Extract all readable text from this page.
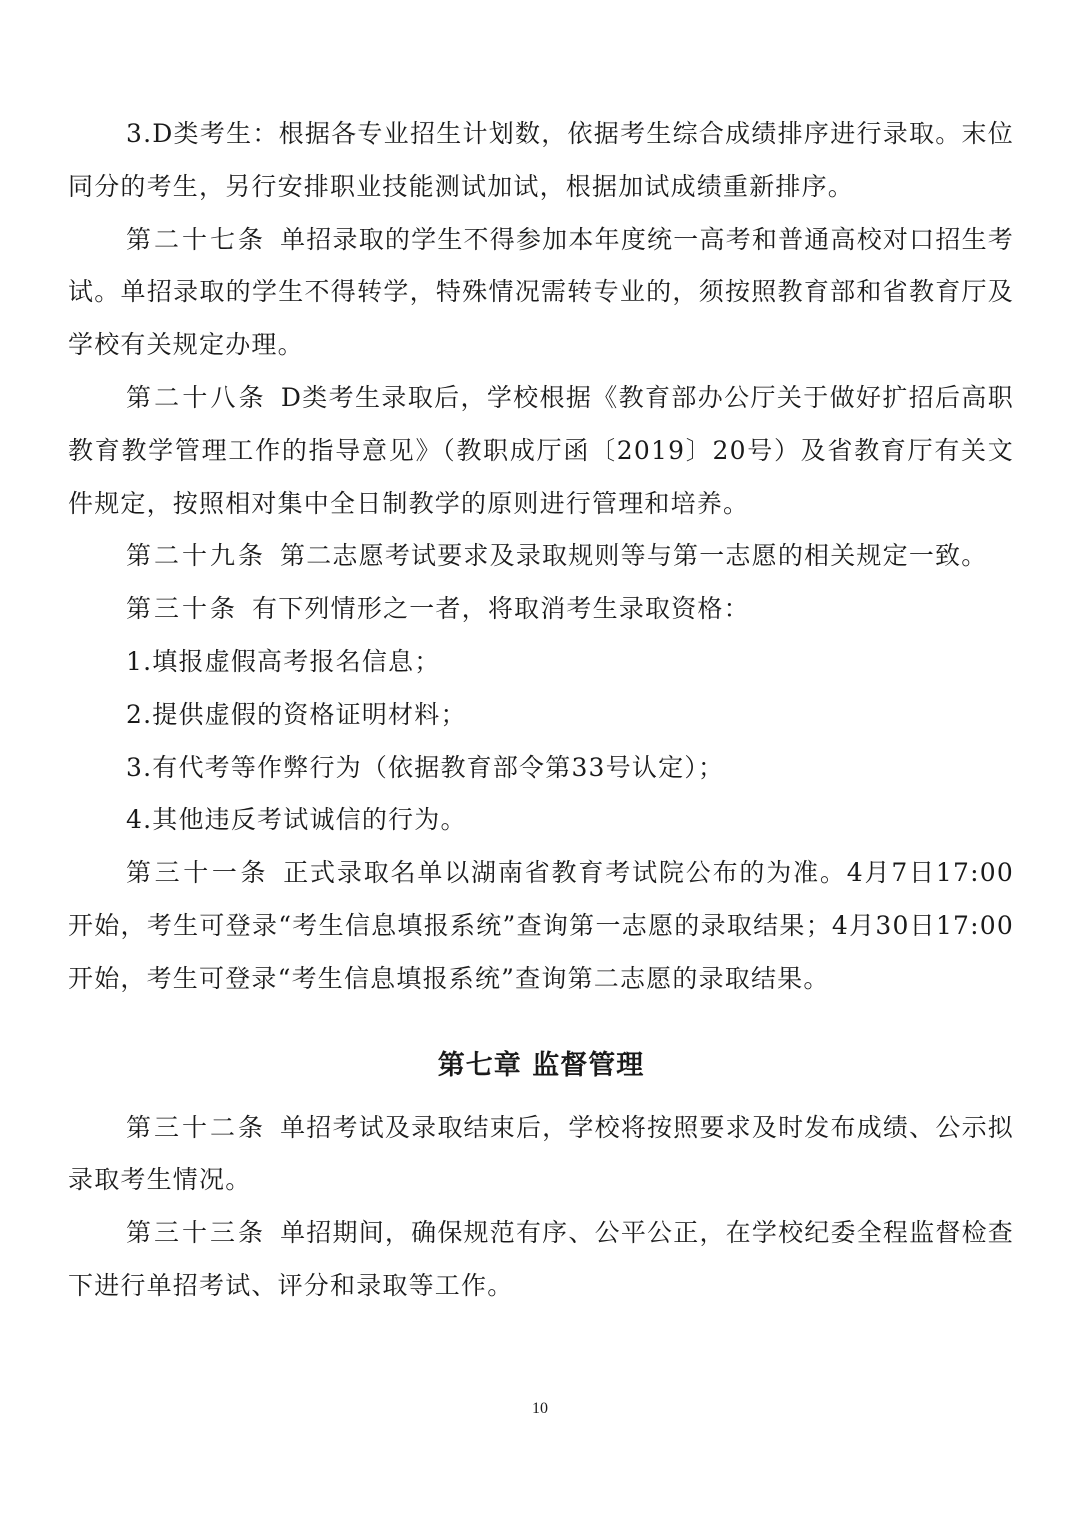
3.D类考生：根据各专业招生计划数，依据考生综合成绩排序进行录取。末位同分的考生，另行安排职业技能测试加试，根据加试成绩重新排序。

第二十七条 单招录取的学生不得参加本年度统一高考和普通高校对口招生考试。单招录取的学生不得转学，特殊情况需转专业的，须按照教育部和省教育厅及学校有关规定办理。

第二十八条 D类考生录取后，学校根据《教育部办公厅关于做好扩招后高职教育教学管理工作的指导意见》（教职成厅函〔2019〕20号）及省教育厅有关文件规定，按照相对集中全日制教学的原则进行管理和培养。

第二十九条 第二志愿考试要求及录取规则等与第一志愿的相关规定一致。

第三十条 有下列情形之一者，将取消考生录取资格：

1.填报虚假高考报名信息；

2.提供虚假的资格证明材料；

3.有代考等作弊行为（依据教育部令第33号认定）；

4.其他违反考试诚信的行为。

第三十一条 正式录取名单以湖南省教育考试院公布的为准。4月7日17:00开始，考生可登录“考生信息填报系统”查询第一志愿的录取结果；4月30日17:00开始，考生可登录“考生信息填报系统”查询第二志愿的录取结果。

第七章 监督管理

第三十二条 单招考试及录取结束后，学校将按照要求及时发布成绩、公示拟录取考生情况。

第三十三条 单招期间，确保规范有序、公平公正，在学校纪委全程监督检查下进行单招考试、评分和录取等工作。

10
